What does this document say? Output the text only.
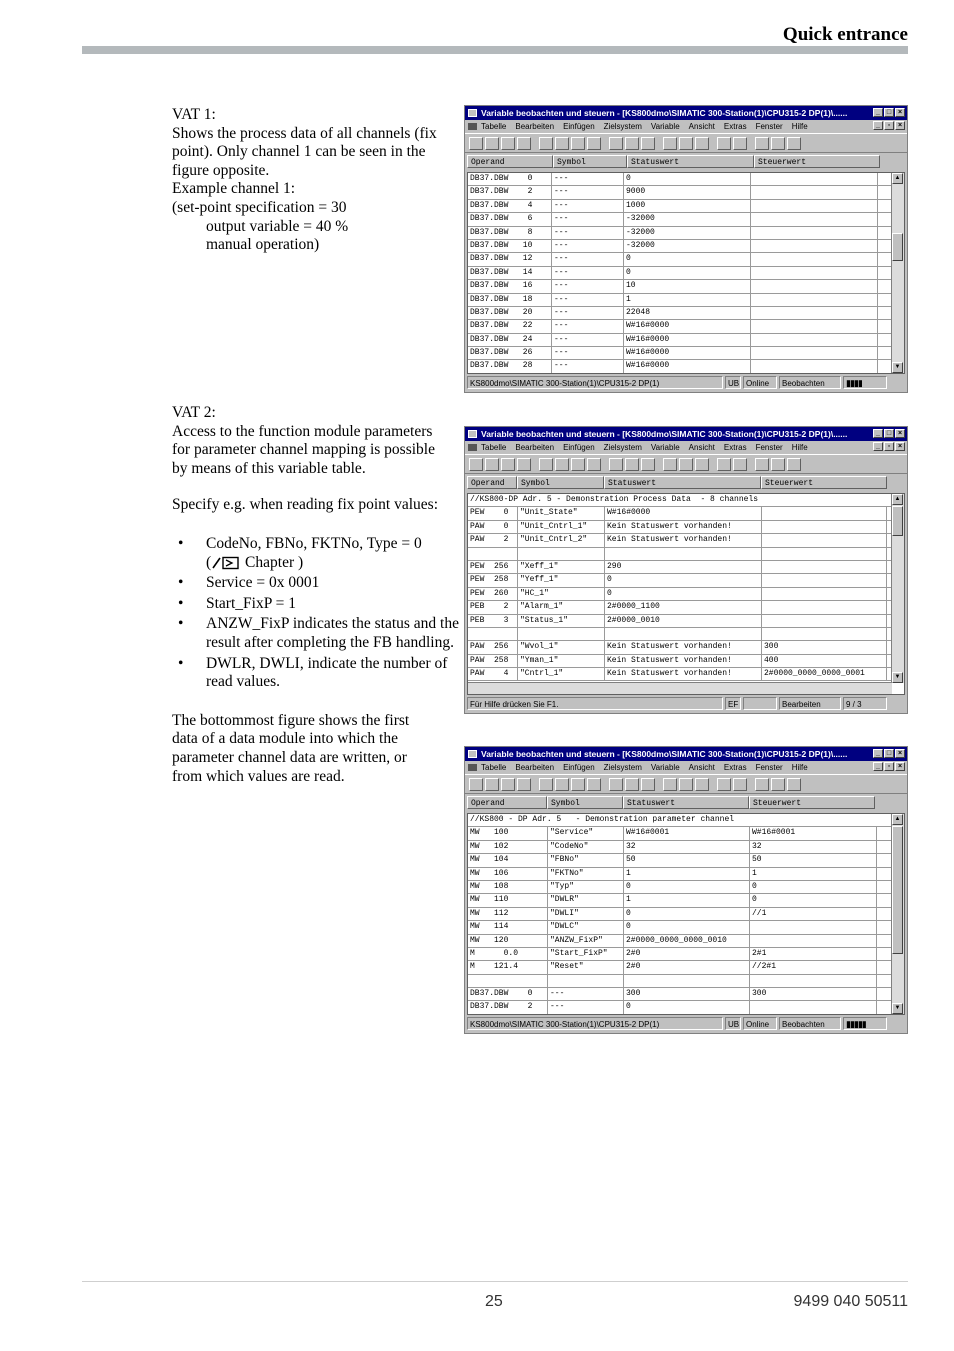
Quick entrance

VAT 1:

Shows the process data of all channels (fix

point). Only channel 1 can be seen in the

figure opposite.

Example channel 1:

(set-point specification = 30

output variable = 40 %

manual operation)

VAT 2:

Access to the function module parameters

for parameter channel mapping is possible

by means of this variable table.

Specify e.g. when reading fix point values:

• CodeNo, FBNo, FKTNo, Type = 0
( Chapter )
• Service = 0x 0001
• Start_FixP = 1
• ANZW_FixP indicates the status and the result after completing the FB handling.
• DWLR, DWLI, indicate the number of read values.

The bottommost figure shows the first

data of a data module into which the

parameter channel data are written, or

from which values are read.

Variable beobachten und steuern - [KS800dmo\SIMATIC 300-Station(1)\CPU315-2 DP(1)\......	_ □ ×
Tabelle Bearbeiten Einfügen Zielsystem Variable Ansicht Extras Fenster Hilfe	_	▫	×
Operand	Symbol	Statuswert	Steuerwert
DB37.DBW    0	---	0
DB37.DBW    2	---	9000
DB37.DBW    4	---	1000
DB37.DBW    6	---	-32000
DB37.DBW    8	---	-32000
DB37.DBW   10	---	-32000
DB37.DBW   12	---	0
DB37.DBW   14	---	0
DB37.DBW   16	---	10
DB37.DBW   18	---	1
DB37.DBW   20	---	22048
DB37.DBW   22	---	W#16#0000
DB37.DBW   24	---	W#16#0000
DB37.DBW   26	---	W#16#0000
DB37.DBW   28	---	W#16#0000
▲
▼
KS800dmo\SIMATIC 300-Station(1)\CPU315-2 DP(1)	UB Online	Beobachten	▮▮▮▮
Variable beobachten und steuern - [KS800dmo\SIMATIC 300-Station(1)\CPU315-2 DP(1)\......	_ □ ×
Tabelle Bearbeiten Einfügen Zielsystem Variable Ansicht Extras Fenster Hilfe	_	▫	×
Operand	Symbol	Statuswert	Steuerwert
//KS800-DP Adr. 5 - Demonstration Process Data  - 8 channels
PEW    0	"Unit_State"	W#16#0000
PAW    0	"Unit_Cntrl_1"	Kein Statuswert vorhanden!
PAW    2	"Unit_Cntrl_2"	Kein Statuswert vorhanden!
PEW  256	"Xeff_1"	290
PEW  258	"Yeff_1"	0
PEW  260	"HC_1"	0
PEB    2	"Alarm_1"	2#0000_1100
PEB    3	"Status_1"	2#0000_0010
PAW  256	"Wvol_1"	Kein Statuswert vorhanden!	300
PAW  258	"Yman_1"	Kein Statuswert vorhanden!	400
PAW    4	"Cntrl_1"	Kein Statuswert vorhanden!	2#0000_0000_0000_0001
▲
▼
Für Hilfe drücken Sie F1.	EF	Bearbeiten	9 / 3
Variable beobachten und steuern - [KS800dmo\SIMATIC 300-Station(1)\CPU315-2 DP(1)\......	_ □ ×
Tabelle Bearbeiten Einfügen Zielsystem Variable Ansicht Extras Fenster Hilfe	_	▫	×
Operand	Symbol	Statuswert	Steuerwert
//KS800 - DP Adr. 5   - Demonstration parameter channel
MW   100	"Service"	W#16#0001	W#16#0001
MW   102	"CodeNo"	32	32
MW   104	"FBNo"	50	50
MW   106	"FKTNo"	1	1
MW   108	"Typ"	0	0
MW   110	"DWLR"	1	0
MW   112	"DWLI"	0	//1
MW   114	"DWLC"	0
MW   120	"ANZW_FixP"	2#0000_0000_0000_0010
M      0.0	"Start_FixP"	2#0	2#1
M    121.4	"Reset"	2#0	//2#1
DB37.DBW    0	---	300	300
DB37.DBW    2	---	0
▲
▼
KS800dmo\SIMATIC 300-Station(1)\CPU315-2 DP(1)	UB Online	Beobachten	▮▮▮▮▮
25	9499 040 50511
